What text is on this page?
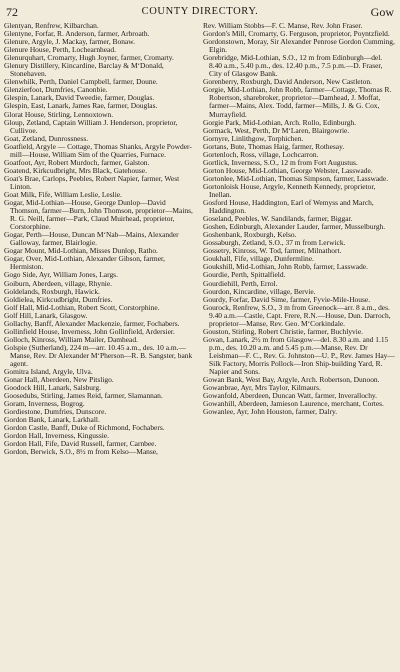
72	COUNTY DIRECTORY.	Gow

Glentyan, Renfrew, Kilbarchan.

Glentyne, Forfar, R. Anderson, farmer, Arbroath.

Glenure, Argyle, J. Mackay, farmer, Bonaw.

Glenure House, Perth, Lochearnhead.

Glenurquhart, Cromarty, Hugh Joyner, farmer, Cromarty.

Glenury Distillery, Kincardine, Barclay & M‘Donald, Stonehaven.

Glenwhilk, Perth, Daniel Campbell, farmer, Doune.

Glenzierfoot, Dumfries, Canonbie.

Glespin, Lanark, David Tweedie, farmer, Douglas.

Glespin, East, Lanark, James Rae, farmer, Douglas.

Glorat House, Stirling, Lennoxtown.

Gloup, Zetland, Captain William J. Henderson, proprietor, Cullivoe.

Goat, Zetland, Dunrossness.

Goatfield, Argyle — Cottage, Thomas Shanks, Argyle Powder-mill—House, William Sim of the Quarries, Furnace.

Goatfoot, Ayr, Robert Murdoch, farmer, Galston.

Goatend, Kirkcudbright, Mrs Black, Gatehouse.

Goat's Brae, Carlops, Peebles, Robert Napier, farmer, West Linton.

Goat Milk, Fife, William Leslie, Leslie.

Gogar, Mid-Lothian—House, George Dunlop—David Thomson, farmer—Burn, John Thomson, proprietor—Mains, R. G. Neill, farmer—Park, Claud Muirhead, proprietor, Corstorphine.

Gogar, Perth—House, Duncan M‘Nab—Mains, Alexander Galloway, farmer, Blairlogie.

Gogar Mount, Mid-Lothian, Misses Dunlop, Ratho.

Gogar, Over, Mid-Lothian, Alexander Gibson, farmer, Hermiston.

Gogo Side, Ayr, William Jones, Largs.

Goiburn, Aberdeen, village, Rhynie.

Goldelands, Roxburgh, Hawick.

Goldielea, Kirkcudbright, Dumfries.

Golf Hall, Mid-Lothian, Robert Scott, Corstorphine.

Golf Hill, Lanark, Glasgow.

Gollachy, Banff, Alexander Mackenzie, farmer, Fochabers.

Gollinfield House, Inverness, John Gollinfield, Ardersier.

Golloch, Kinross, William Mailer, Damhead.

Golspie (Sutherland), 224 m—arr. 10.45 a.m., des. 10 a.m.—Manse, Rev. Dr Alexander M‘Pherson—R. B. Sangster, bank agent.

Gomitra Island, Argyle, Ulva.

Gonar Hall, Aberdeen, New Pitsligo.

Goodock Hill, Lanark, Salsburg.

Goosedubs, Stirling, James Reid, farmer, Slamannan.

Goram, Inverness, Bogrog.

Gordiestone, Dumfries, Dunscore.

Gordon Bank, Lanark, Larkhall.

Gordon Castle, Banff, Duke of Richmond, Fochabers.

Gordon Hall, Inverness, Kingussie.

Gordon Hall, Fife, David Russell, farmer, Carnbee.

Gordon, Berwick, S.O., 8½ m from Kelso—Manse,

Rev. William Stobbs—F. C. Manse, Rev. John Fraser.

Gordon's Mill, Cromarty, G. Ferguson, proprietor, Poyntzfield.

Gordonstown, Moray, Sir Alexander Penrose Gordon Cumming, Elgin.

Gorebridge, Mid-Lothian, S.O., 12 m from Edinburgh—del. 8.40 a.m., 5.40 p.m., des. 12.40 p.m., 7.5 p.m.—D. Fraser, City of Glasgow Bank.

Gorenberry, Roxburgh, David Anderson, New Castleton.

Gorgie, Mid-Lothian, John Robb, farmer—Cottage, Thomas R. Robertson, sharebroker, proprietor—Damhead, J. Moffat, farmer—Mains, Alex. Todd, farmer—Mills, J. & G. Cox, Murrayfield.

Gorgie Park, Mid-Lothian, Arch. Rollo, Edinburgh.

Gormack, West, Perth, Dr M‘Laren, Blairgowrie.

Gornyre, Linlithgow, Torphichen.

Gortans, Bute, Thomas Haig, farmer, Rothesay.

Gortenloch, Ross, village, Lochcarron.

Gortlick, Inverness, S.O., 12 m from Fort Augustus.

Gorton House, Mid-Lothian, George Webster, Lasswade.

Gortonlee, Mid-Lothian, Thomas Simpson, farmer, Lasswade.

Gortonloisk House, Argyle, Kenneth Kennedy, proprietor, Inellan.

Gosford House, Haddington, Earl of Wemyss and March, Haddington.

Goseland, Peebles, W. Sandilands, farmer, Biggar.

Goshen, Edinburgh, Alexander Lauder, farmer, Musselburgh.

Goshenbank, Roxburgh, Kelso.

Gossaburgh, Zetland, S.O., 37 m from Lerwick.

Gossetry, Kinross, W. Tod, farmer, Milnathort.

Goukhall, Fife, village, Dunfermline.

Goukshill, Mid-Lothian, John Robb, farmer, Lasswade.

Gourdie, Perth, Spittalfield.

Gourdiehill, Perth, Errol.

Gourdon, Kincardine, village, Bervie.

Gourdy, Forfar, David Sime, farmer, Fyvie-Mile-House.

Gourock, Renfrew, S.O., 3 m from Greenock—arr. 8 a.m., des. 9.40 a.m.—Castle, Capt. Frere, R.N.—House, Dun. Darroch, proprietor—Manse, Rev. Geo. M‘Corkindale.

Gouston, Stirling, Robert Christie, farmer, Buchlyvie.

Govan, Lanark, 2½ m from Glasgow—del. 8.30 a.m. and 1.15 p.m., des. 10.20 a.m. and 5.45 p.m.—Manse, Rev. Dr Leishman—F. C., Rev. G. Johnston—U. P., Rev. James Hay—Silk Factory, Morris Pollock—Iron Ship-building Yard, R. Napier and Sons.

Gowan Bank, West Bay, Argyle, Arch. Robertson, Dunoon.

Gowanbrae, Ayr, Mrs Taylor, Kilmaurs.

Gowanfold, Aberdeen, Duncan Watt, farmer, Inverallochy.

Gowanhill, Aberdeen, Jamieson Laurence, merchant, Cortes.

Gowanlee, Ayr, John Houston, farmer, Dalry.
